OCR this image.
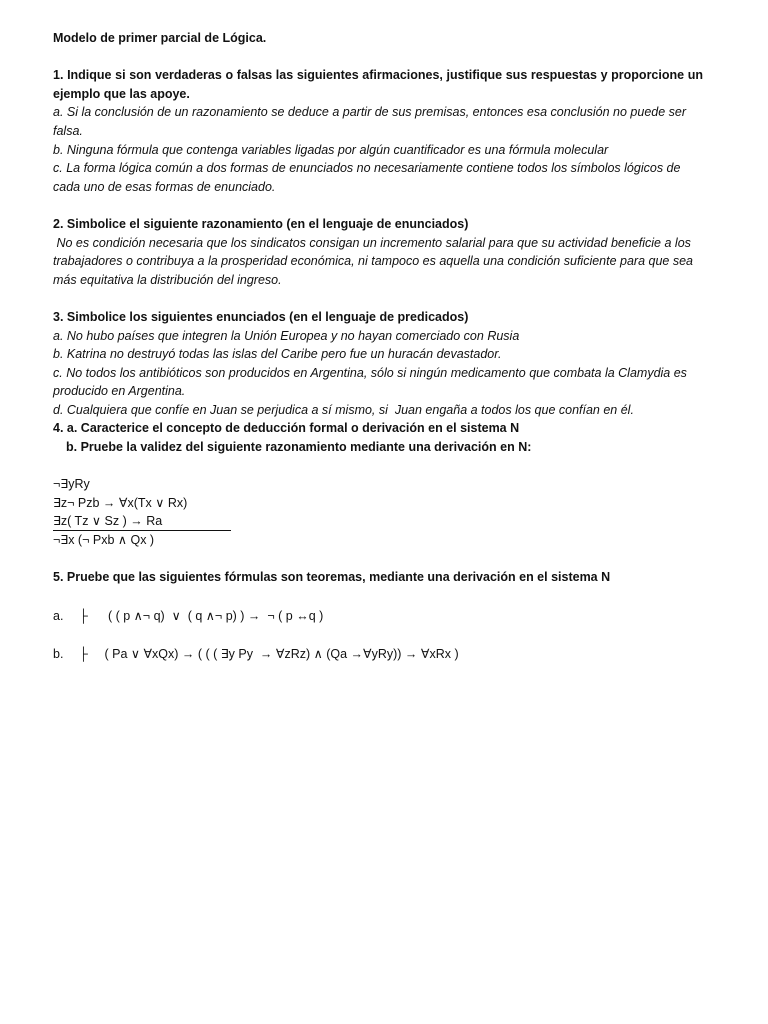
Modelo de primer parcial de Lógica.
1. Indique si son verdaderas o falsas las siguientes afirmaciones, justifique sus respuestas y proporcione un ejemplo que las apoye.
a. Si la conclusión de un razonamiento se deduce a partir de sus premisas, entonces esa conclusión no puede ser falsa.
b. Ninguna fórmula que contenga variables ligadas por algún cuantificador es una fórmula molecular
c. La forma lógica común a dos formas de enunciados no necesariamente contiene todos los símbolos lógicos de cada uno de esas formas de enunciado.
2. Simbolice el siguiente razonamiento (en el lenguaje de enunciados)
No es condición necesaria que los sindicatos consigan un incremento salarial para que su actividad beneficie a los trabajadores o contribuya a la prosperidad económica, ni tampoco es aquella una condición suficiente para que sea más equitativa la distribución del ingreso.
3. Simbolice los siguientes enunciados (en el lenguaje de predicados)
a. No hubo países que integren la Unión Europea y no hayan comerciado con Rusia
b. Katrina no destruyó todas las islas del Caribe pero fue un huracán devastador.
c. No todos los antibióticos son producidos en Argentina, sólo si ningún medicamento que combata la Clamydia es producido en Argentina.
d. Cualquiera que confíe en Juan se perjudica a sí mismo, si  Juan engaña a todos los que confían en él.
4. a. Caracterice el concepto de deducción formal o derivación en el sistema N
b. Pruebe la validez del siguiente razonamiento mediante una derivación en N:
¬∃yRy
∃z¬ Pzb → ∀x(Tx ∨ Rx)
∃z( Tz ∨ Sz ) → Ra
¬∃x (¬ Pxb ∧ Qx )
5. Pruebe que las siguientes fórmulas son teoremas, mediante una derivación en el sistema N
a.	├	( ( p ∧¬ q)  ∨  ( q ∧¬ p) ) →  ¬ ( p ↔q )
b.	├	( Pa ∨ ∀xQx) → ( ( ( ∃y Py  → ∀zRz) ∧ (Qa →∀yRy)) → ∀xRx )
